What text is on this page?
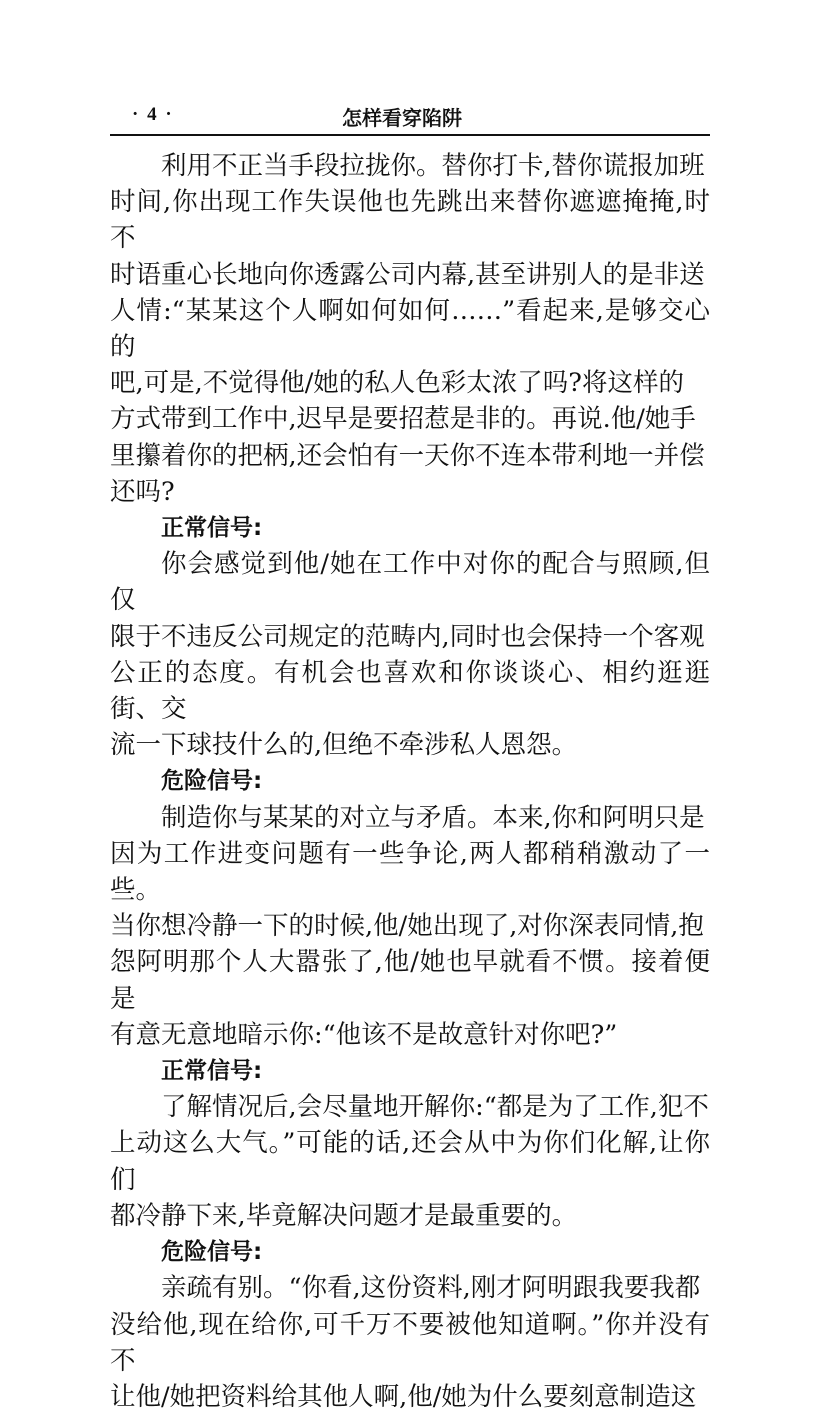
· 4 ·	怎样看穿陷阱

利用不正当手段拉拢你。替你打卡,替你谎报加班
时间,你出现工作失误他也先跳出来替你遮遮掩掩,时不
时语重心长地向你透露公司内幕,甚至讲别人的是非送
人情:“某某这个人啊如何如何……”看起来,是够交心的
吧,可是,不觉得他/她的私人色彩太浓了吗?将这样的
方式带到工作中,迟早是要招惹是非的。再说.他/她手
里攥着你的把柄,还会怕有一天你不连本带利地一并偿
还吗?

正常信号:

你会感觉到他/她在工作中对你的配合与照顾,但仅
限于不违反公司规定的范畴内,同时也会保持一个客观
公正的态度。有机会也喜欢和你谈谈心、相约逛逛街、交
流一下球技什么的,但绝不牵涉私人恩怨。

危险信号:

制造你与某某的对立与矛盾。本来,你和阿明只是
因为工作进变问题有一些争论,两人都稍稍激动了一些。
当你想冷静一下的时候,他/她出现了,对你深表同情,抱
怨阿明那个人大嚣张了,他/她也早就看不惯。接着便是
有意无意地暗示你:“他该不是故意针对你吧?”

正常信号:

了解情况后,会尽量地开解你:“都是为了工作,犯不
上动这么大气。”可能的话,还会从中为你们化解,让你们
都冷静下来,毕竟解决问题才是最重要的。

危险信号:

亲疏有别。“你看,这份资料,刚才阿明跟我要我都
没给他,现在给你,可千万不要被他知道啊。”你并没有不
让他/她把资料给其他人啊,他/她为什么要刻意制造这
